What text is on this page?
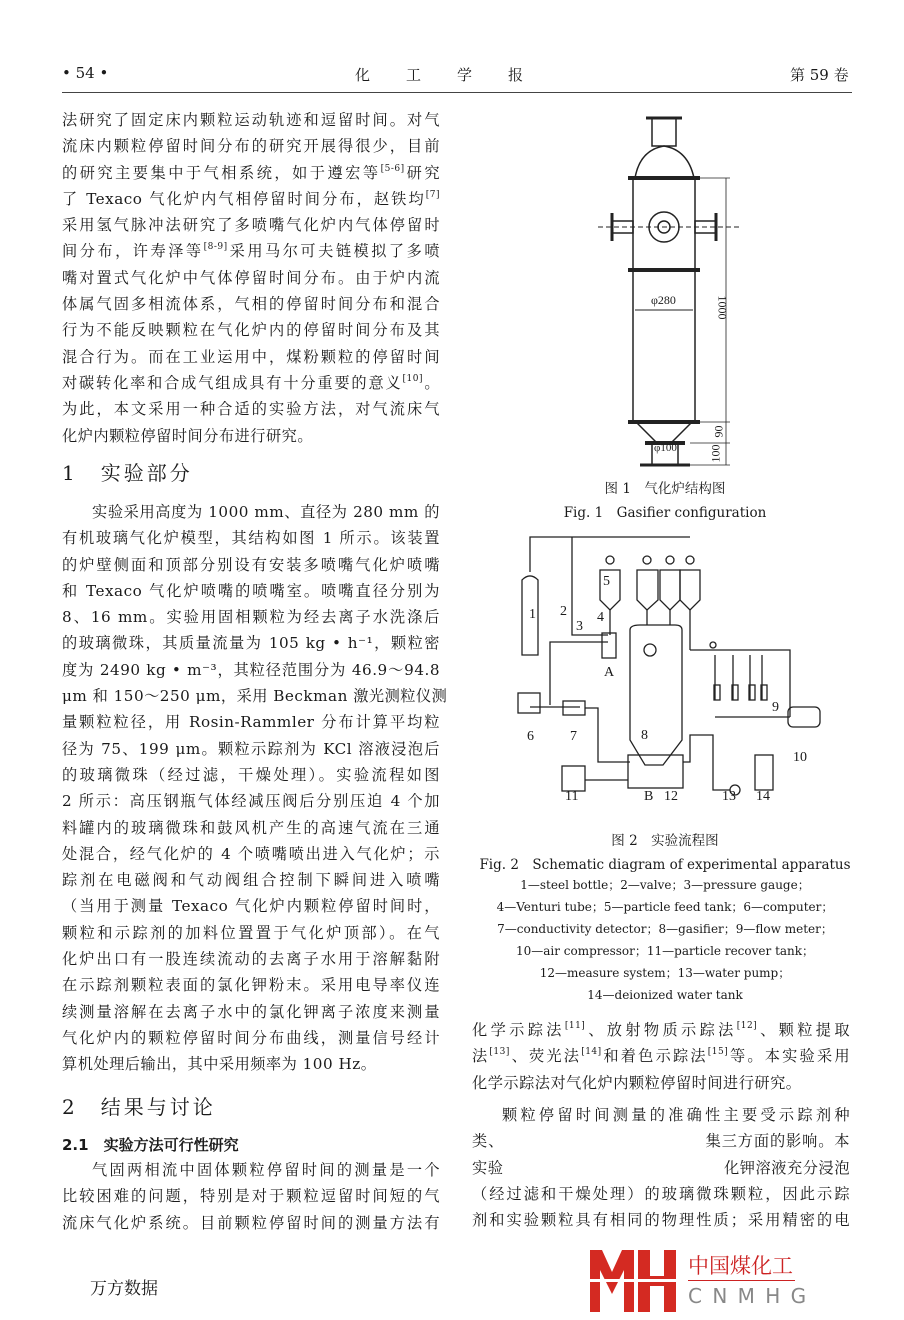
• 54 •	化　　工　　学　　报	第 59 卷
法研究了固定床内颗粒运动轨迹和逗留时间。对气
流床内颗粒停留时间分布的研究开展得很少，目前
的研究主要集中于气相系统，如于遵宏等[5-6]研究
了 Texaco 气化炉内气相停留时间分布，赵铁均[7]
采用氢气脉冲法研究了多喷嘴气化炉内气体停留时
间分布，许寿泽等[8-9]采用马尔可夫链模拟了多喷
嘴对置式气化炉中气体停留时间分布。由于炉内流
体属气固多相流体系，气相的停留时间分布和混合
行为不能反映颗粒在气化炉内的停留时间分布及其
混合行为。而在工业运用中，煤粉颗粒的停留时间
对碳转化率和合成气组成具有十分重要的意义[10]。
为此，本文采用一种合适的实验方法，对气流床气
化炉内颗粒停留时间分布进行研究。
1　实验部分
实验采用高度为 1000 mm、直径为 280 mm 的
有机玻璃气化炉模型，其结构如图 1 所示。该装置
的炉壁侧面和顶部分别设有安装多喷嘴气化炉喷嘴
和 Texaco 气化炉喷嘴的喷嘴室。喷嘴直径分别为
8、16 mm。实验用固相颗粒为经去离子水洗涤后
的玻璃微珠，其质量流量为 105 kg • h⁻¹，颗粒密
度为 2490 kg • m⁻³，其粒径范围分为 46.9～94.8
μm 和 150～250 μm，采用 Beckman 激光测粒仪测
量颗粒粒径，用 Rosin-Rammler 分布计算平均粒
径为 75、199 μm。颗粒示踪剂为 KCl 溶液浸泡后
的玻璃微珠（经过滤，干燥处理）。实验流程如图
2 所示：高压钢瓶气体经减压阀后分别压迫 4 个加
料罐内的玻璃微珠和鼓风机产生的高速气流在三通
处混合，经气化炉的 4 个喷嘴喷出进入气化炉；示
踪剂在电磁阀和气动阀组合控制下瞬间进入喷嘴
（当用于测量 Texaco 气化炉内颗粒停留时间时，
颗粒和示踪剂的加料位置置于气化炉顶部）。在气
化炉出口有一股连续流动的去离子水用于溶解黏附
在示踪剂颗粒表面的氯化钾粉末。采用电导率仪连
续测量溶解在去离子水中的氯化钾离子浓度来测量
气化炉内的颗粒停留时间分布曲线，测量信号经计
算机处理后输出，其中采用频率为 100 Hz。
2　结果与讨论
2.1　实验方法可行性研究
气固两相流中固体颗粒停留时间的测量是一个
比较困难的问题，特别是对于颗粒逗留时间短的气
流床气化炉系统。目前颗粒停留时间的测量方法有
万方数据
φ280	1000
90
100
φ100
图 1　气化炉结构图
Fig. 1　Gasifier configuration
1 2
3
4
5
6	7	8
9
10
11	12	13 14
A
B
图 2　实验流程图
Fig. 2　Schematic diagram of experimental apparatus
1—steel bottle；2—valve；3—pressure gauge；
4—Venturi tube；5—particle feed tank；6—computer；
7—conductivity detector；8—gasifier；9—flow meter；
10—air compressor；11—particle recover tank；
12—measure system；13—water pump；
14—deionized water tank
化学示踪法[11]、放射物质示踪法[12]、颗粒提取
法[13]、荧光法[14]和着色示踪法[15]等。本实验采用
化学示踪法对气化炉内颗粒停留时间进行研究。
颗粒停留时间测量的准确性主要受示踪剂种
类、　　　　　　　　　　　　　集三方面的影响。本
实验　　　　　　　　　　　　　　化钾溶液充分浸泡
（经过滤和干燥处理）的玻璃微珠颗粒，因此示踪
剂和实验颗粒具有相同的物理性质；采用精密的电
中国煤化工
C N M H G
